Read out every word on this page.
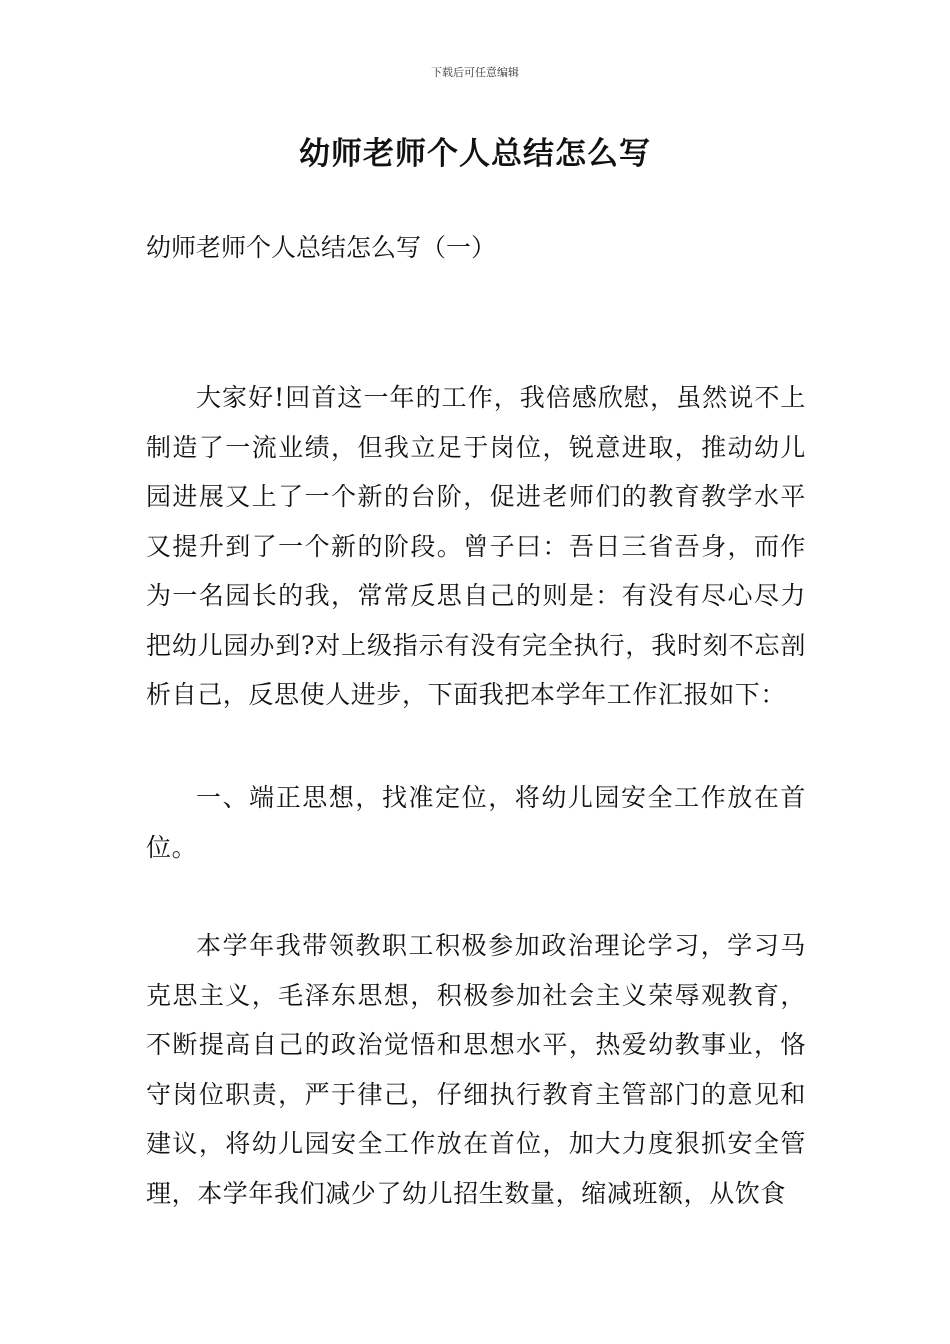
下载后可任意编辑
幼师老师个人总结怎么写

幼师老师个人总结怎么写（一）

大家好!回首这一年的工作，我倍感欣慰，虽然说不上制造了一流业绩，但我立足于岗位，锐意进取，推动幼儿园进展又上了一个新的台阶，促进老师们的教育教学水平又提升到了一个新的阶段。曾子曰：吾日三省吾身，而作为一名园长的我，常常反思自己的则是：有没有尽心尽力把幼儿园办到?对上级指示有没有完全执行，我时刻不忘剖析自己，反思使人进步，下面我把本学年工作汇报如下：

一、端正思想，找准定位，将幼儿园安全工作放在首位。

本学年我带领教职工积极参加政治理论学习，学习马克思主义，毛泽东思想，积极参加社会主义荣辱观教育，不断提高自己的政治觉悟和思想水平，热爱幼教事业，恪守岗位职责，严于律己，仔细执行教育主管部门的意见和建议，将幼儿园安全工作放在首位，加大力度狠抓安全管理，本学年我们减少了幼儿招生数量，缩减班额，从饮食
